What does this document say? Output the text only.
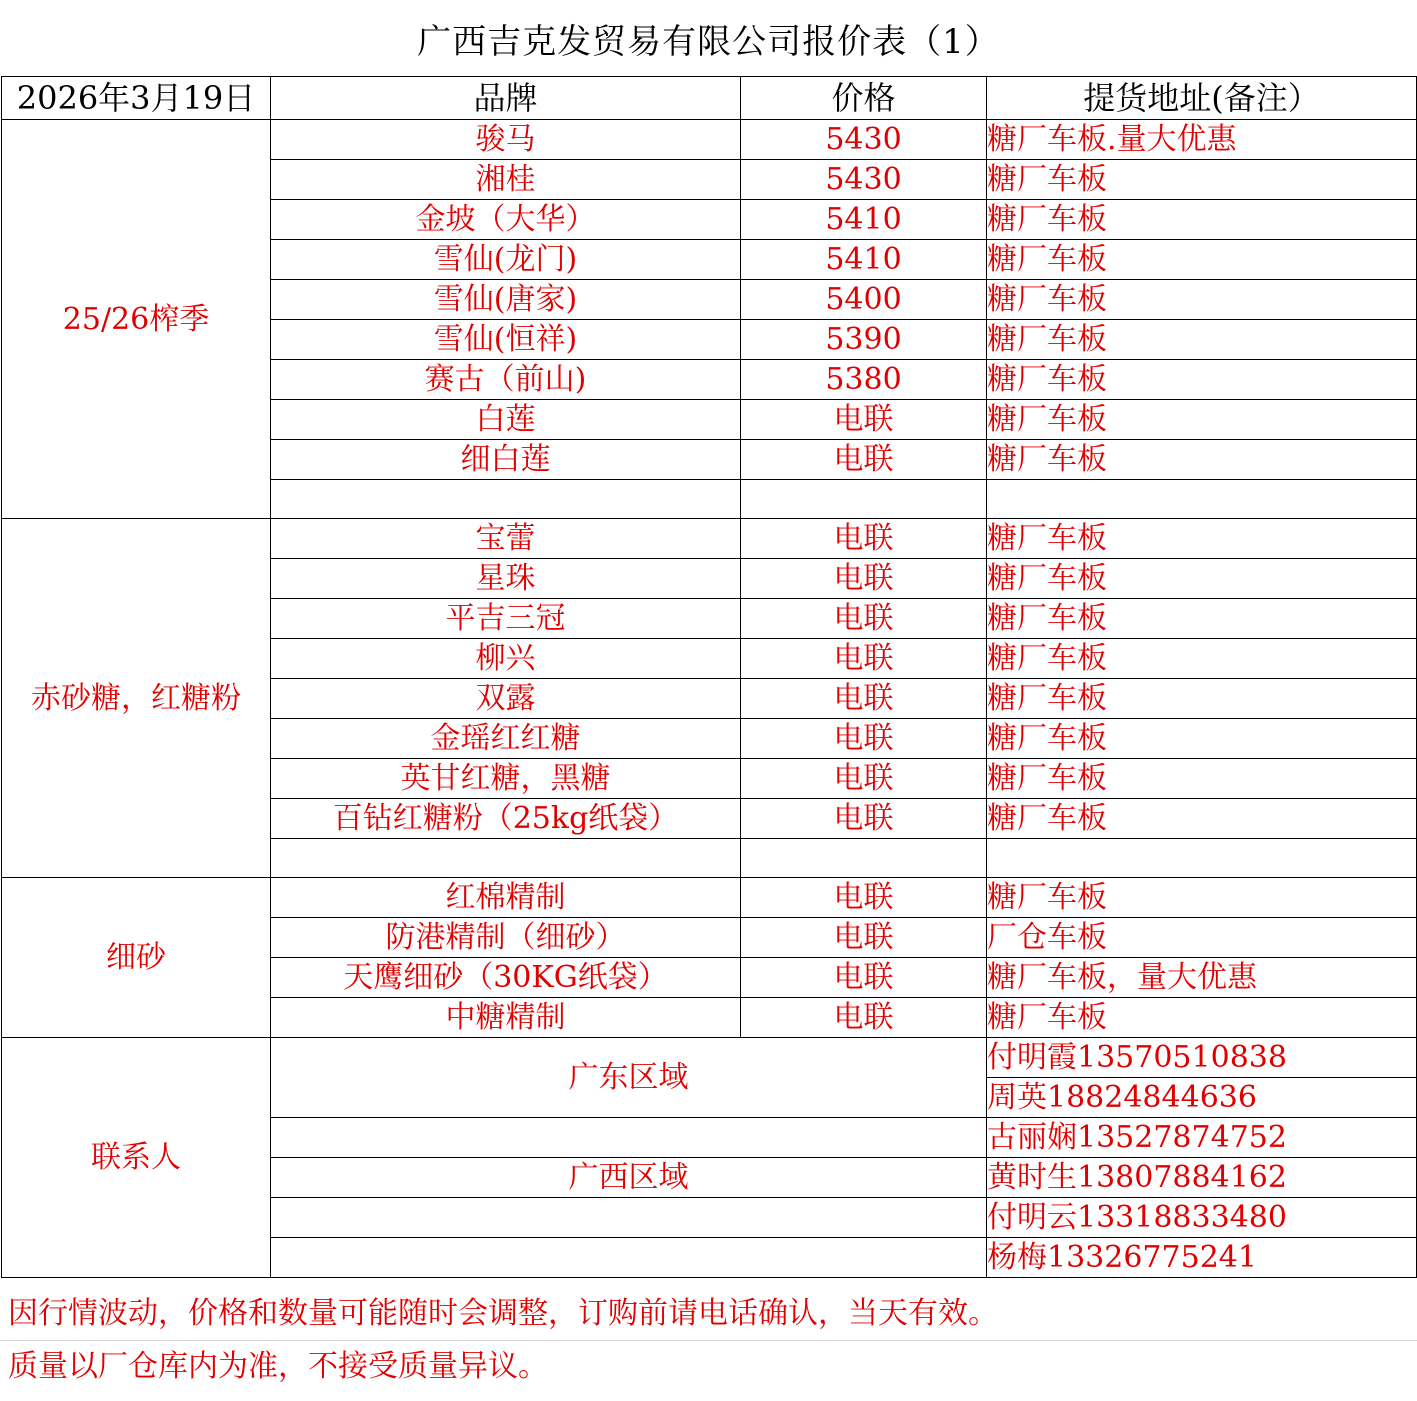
广西吉克发贸易有限公司报价表（1）
2026年3月19日	品牌	价格	提货地址(备注）
25/26榨季	骏马	5430	糖厂车板.量大优惠
	湘桂	5430	糖厂车板
	金坡（大华）	5410	糖厂车板
	雪仙(龙门)	5410	糖厂车板
	雪仙(唐家)	5400	糖厂车板
	雪仙(恒祥)	5390	糖厂车板
	赛古（前山)	5380	糖厂车板
	白莲	电联	糖厂车板
	细白莲	电联	糖厂车板

赤砂糖，红糖粉	宝蕾	电联	糖厂车板
	星珠	电联	糖厂车板
	平吉三冠	电联	糖厂车板
	柳兴	电联	糖厂车板
	双露	电联	糖厂车板
	金瑶红红糖	电联	糖厂车板
	英甘红糖，黑糖	电联	糖厂车板
	百钻红糖粉（25kg纸袋）	电联	糖厂车板

细砂	红棉精制	电联	糖厂车板
	防港精制（细砂）	电联	厂仓车板
	天鹰细砂（30KG纸袋）	电联	糖厂车板，量大优惠
	中糖精制	电联	糖厂车板
联系人	广东区域		付明霞13570510838
			周英18824844636
			古丽娴13527874752
	广西区域		黄时生13807884162
			付明云13318833480
			杨梅13326775241
因行情波动，价格和数量可能随时会调整，订购前请电话确认，当天有效。
质量以厂仓库内为准，不接受质量异议。
